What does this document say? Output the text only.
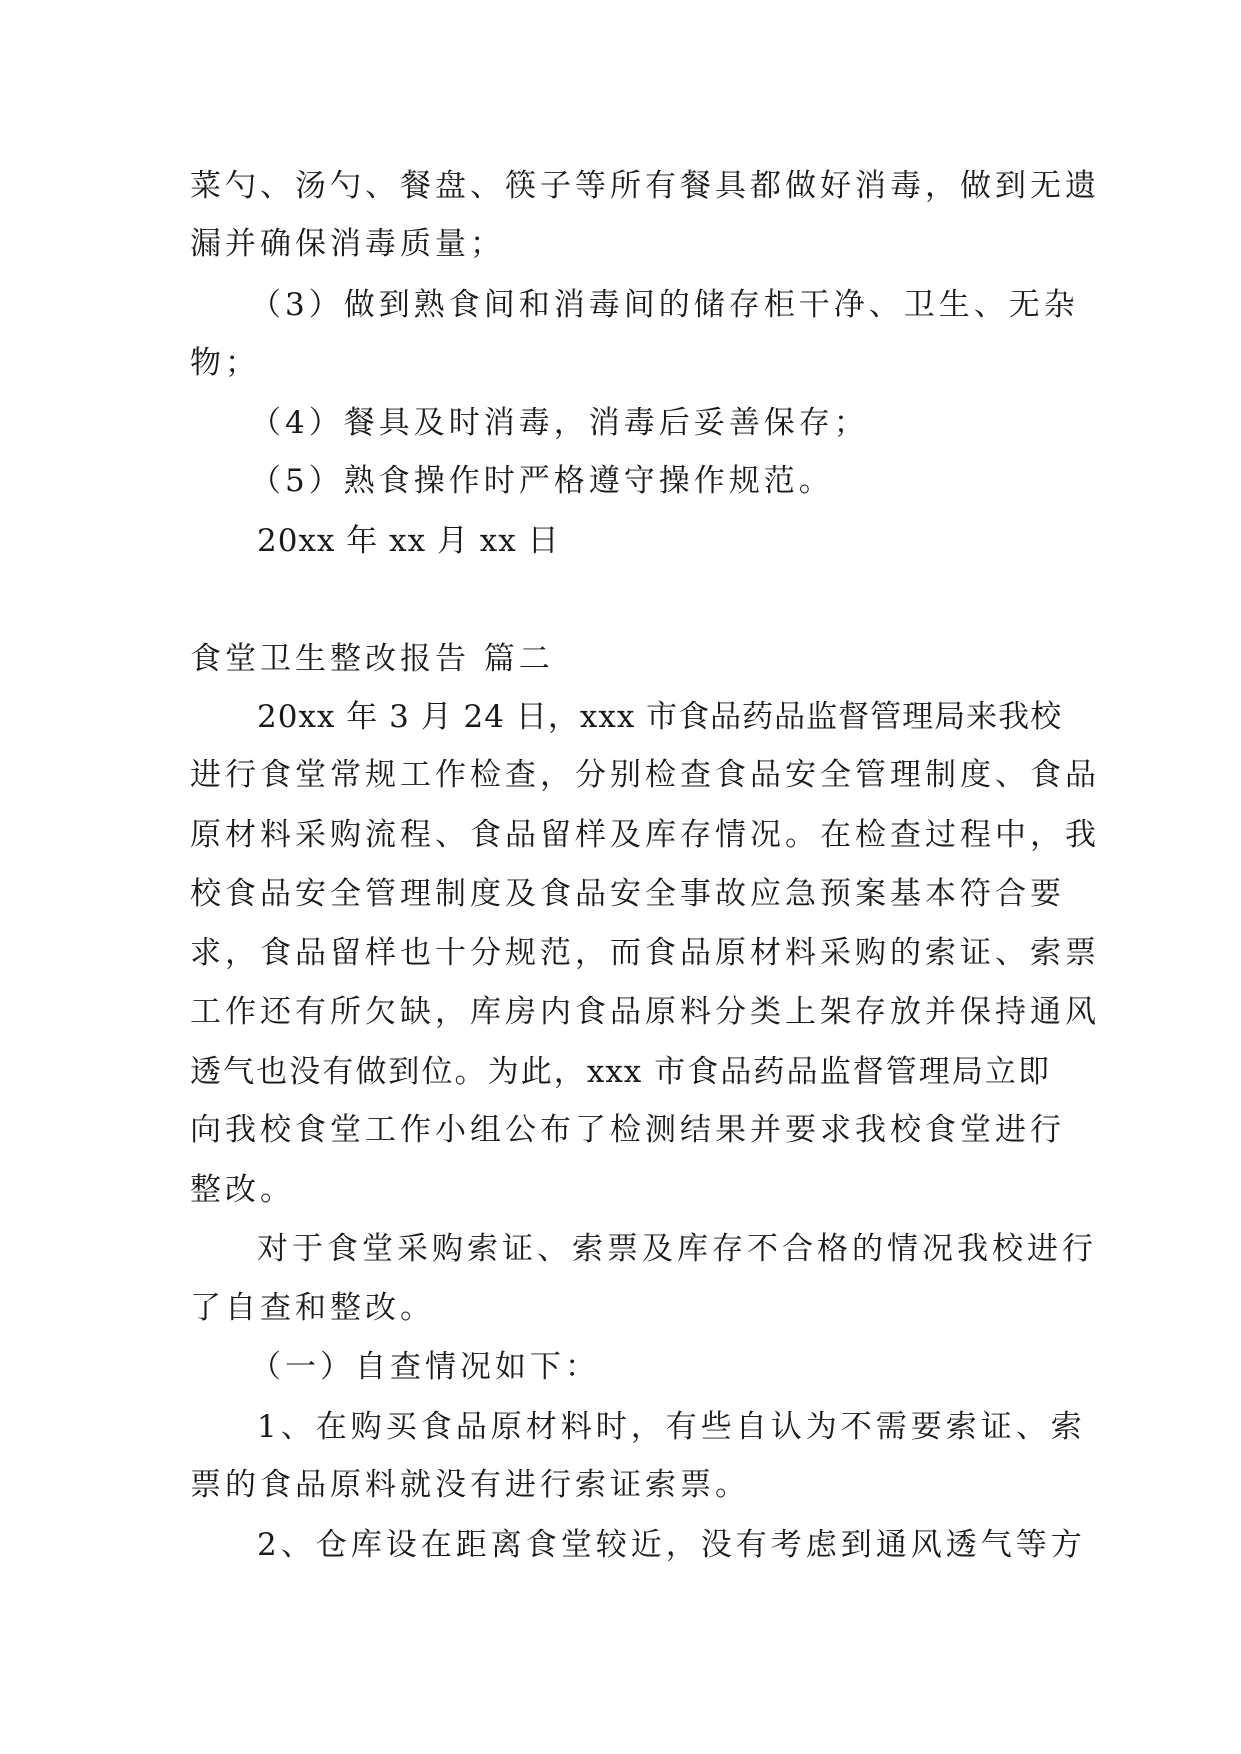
菜勺、汤勺、餐盘、筷子等所有餐具都做好消毒，做到无遗
漏并确保消毒质量；
（3）做到熟食间和消毒间的储存柜干净、卫生、无杂
物；
（4）餐具及时消毒，消毒后妥善保存；
（5）熟食操作时严格遵守操作规范。
20xx 年 xx 月 xx 日
食堂卫生整改报告 篇二
20xx 年 3 月 24 日，xxx 市食品药品监督管理局来我校
进行食堂常规工作检查，分别检查食品安全管理制度、食品
原材料采购流程、食品留样及库存情况。在检查过程中，我
校食品安全管理制度及食品安全事故应急预案基本符合要
求，食品留样也十分规范，而食品原材料采购的索证、索票
工作还有所欠缺，库房内食品原料分类上架存放并保持通风
透气也没有做到位。为此，xxx 市食品药品监督管理局立即
向我校食堂工作小组公布了检测结果并要求我校食堂进行
整改。
对于食堂采购索证、索票及库存不合格的情况我校进行
了自查和整改。
（一）自查情况如下：
1、在购买食品原材料时，有些自认为不需要索证、索
票的食品原料就没有进行索证索票。
2、仓库设在距离食堂较近，没有考虑到通风透气等方
